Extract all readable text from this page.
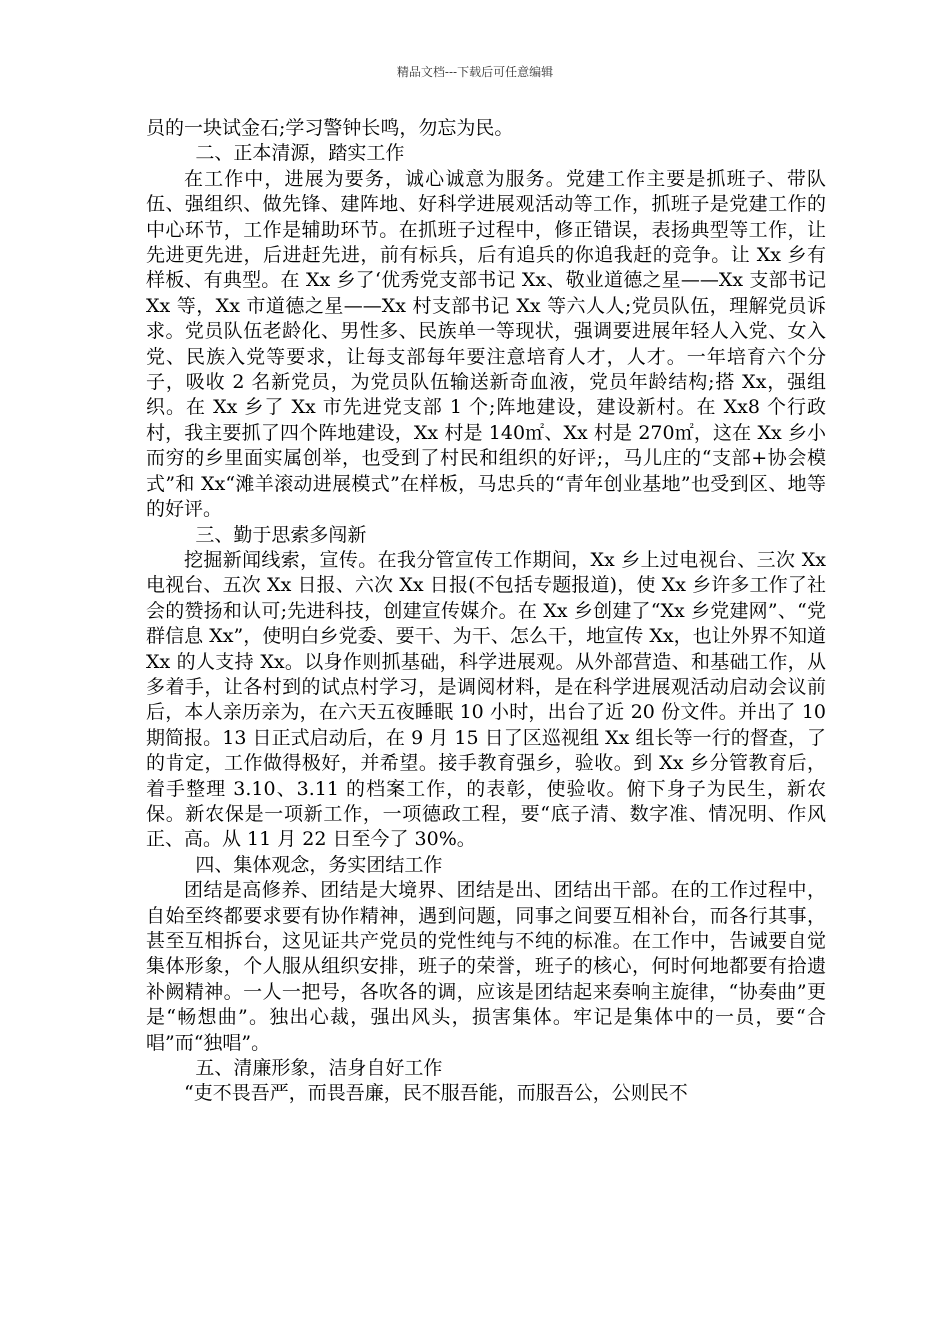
精品文档---下载后可任意编辑

员的一块试金石;学习警钟长鸣，勿忘为民。

二、正本清源，踏实工作

在工作中，进展为要务，诚心诚意为服务。党建工作主要是抓班子、带队伍、强组织、做先锋、建阵地、好科学进展观活动等工作，抓班子是党建工作的中心环节，工作是辅助环节。在抓班子过程中，修正错误，表扬典型等工作，让先进更先进，后进赶先进，前有标兵，后有追兵的你追我赶的竞争。让 Xx 乡有样板、有典型。在 Xx 乡了‘优秀党支部书记 Xx、敬业道德之星——Xx 支部书记 Xx 等，Xx 市道德之星——Xx 村支部书记 Xx 等六人人;党员队伍，理解党员诉求。党员队伍老龄化、男性多、民族单一等现状，强调要进展年轻人入党、女入党、民族入党等要求，让每支部每年要注意培育人才，人才。一年培育六个分子，吸收 2 名新党员，为党员队伍输送新奇血液，党员年龄结构;搭 Xx，强组织。在 Xx 乡了 Xx 市先进党支部 1 个;阵地建设，建设新村。在 Xx8 个行政村，我主要抓了四个阵地建设，Xx 村是 140㎡、Xx 村是 270㎡，这在 Xx 乡小而穷的乡里面实属创举，也受到了村民和组织的好评;，马儿庄的“支部+协会模式”和 Xx“滩羊滚动进展模式”在样板，马忠兵的“青年创业基地”也受到区、地等的好评。

三、勤于思索多闯新

挖掘新闻线索，宣传。在我分管宣传工作期间，Xx 乡上过电视台、三次 Xx 电视台、五次 Xx 日报、六次 Xx 日报(不包括专题报道)，使 Xx 乡许多工作了社会的赞扬和认可;先进科技，创建宣传媒介。在 Xx 乡创建了“Xx 乡党建网”、“党群信息 Xx”，使明白乡党委、要干、为干、怎么干，地宣传 Xx，也让外界不知道 Xx 的人支持 Xx。以身作则抓基础，科学进展观。从外部营造、和基础工作，从多着手，让各村到的试点村学习，是调阅材料，是在科学进展观活动启动会议前后，本人亲历亲为，在六天五夜睡眠 10 小时，出台了近 20 份文件。并出了 10 期简报。13 日正式启动后，在 9 月 15 日了区巡视组 Xx 组长等一行的督查，了的肯定，工作做得极好，并希望。接手教育强乡，验收。到 Xx 乡分管教育后，着手整理 3.10、3.11 的档案工作，的表彰，使验收。俯下身子为民生，新农保。新农保是一项新工作，一项德政工程，要“底子清、数字准、情况明、作风正、高。从 11 月 22 日至今了 30%。

四、集体观念，务实团结工作

团结是高修养、团结是大境界、团结是出、团结出干部。在的工作过程中，自始至终都要求要有协作精神，遇到问题，同事之间要互相补台，而各行其事，甚至互相拆台，这见证共产党员的党性纯与不纯的标准。在工作中，告诫要自觉集体形象，个人服从组织安排，班子的荣誉，班子的核心，何时何地都要有拾遗补阙精神。一人一把号，各吹各的调，应该是团结起来奏响主旋律，“协奏曲”更是“畅想曲”。独出心裁，强出风头，损害集体。牢记是集体中的一员，要“合唱”而“独唱”。

五、清廉形象，洁身自好工作

“吏不畏吾严，而畏吾廉，民不服吾能，而服吾公，公则民不
